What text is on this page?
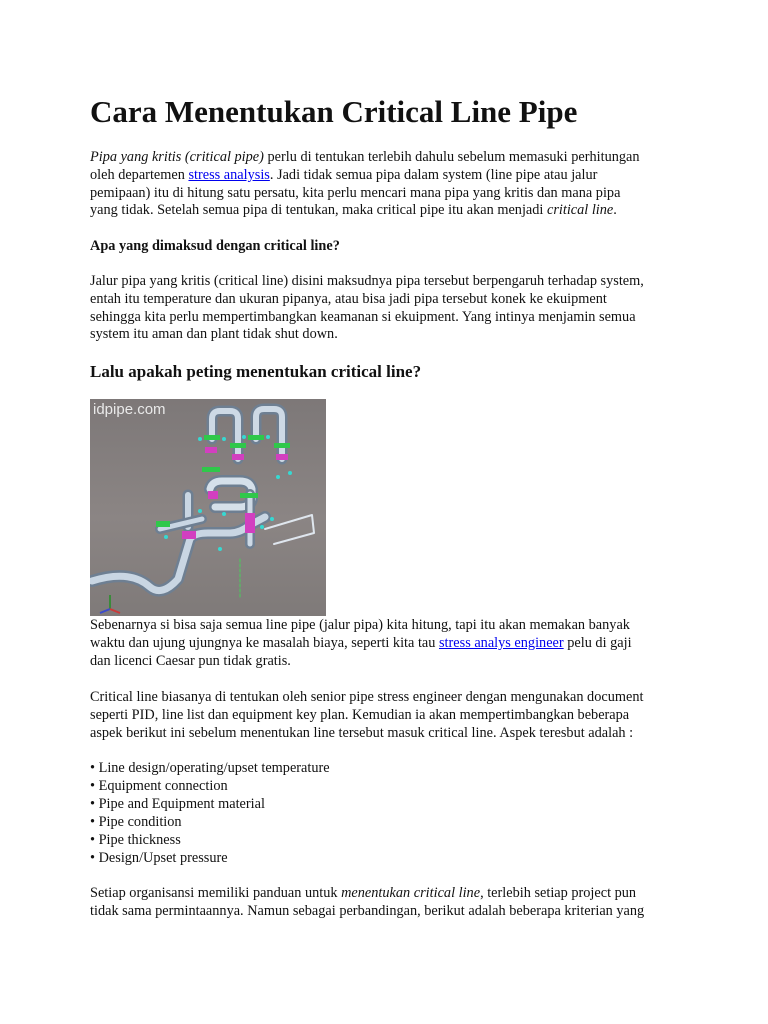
Cara Menentukan Critical Line Pipe
Pipa yang kritis (critical pipe) perlu di tentukan terlebih dahulu sebelum memasuki perhitungan
oleh departemen stress analysis. Jadi tidak semua pipa dalam system (line pipe atau jalur
pemipaan) itu di hitung satu persatu, kita perlu mencari mana pipa yang kritis dan mana pipa
yang tidak. Setelah semua pipa di tentukan, maka critical pipe itu akan menjadi critical line.
Apa yang dimaksud dengan critical line?
Jalur pipa yang kritis (critical line) disini maksudnya pipa tersebut berpengaruh terhadap system,
entah itu temperature dan ukuran pipanya, atau bisa jadi pipa tersebut konek ke ekuipment
sehingga kita perlu mempertimbangkan keamanan si ekuipment. Yang intinya menjamin semua
system itu aman dan plant tidak shut down.
Lalu apakah peting menentukan critical line?
idpipe.com
Sebenarnya si bisa saja semua line pipe (jalur pipa) kita hitung, tapi itu akan memakan banyak
waktu dan ujung ujungnya ke masalah biaya, seperti kita tau stress analys engineer pelu di gaji
dan licenci Caesar pun tidak gratis.
Critical line biasanya di tentukan oleh senior pipe stress engineer dengan mengunakan document
seperti PID, line list dan equipment key plan. Kemudian ia akan mempertimbangkan beberapa
aspek berikut ini sebelum menentukan line tersebut masuk critical line. Aspek teresbut adalah :
• Line design/operating/upset temperature
• Equipment connection
• Pipe and Equipment material
• Pipe condition
• Pipe thickness
• Design/Upset pressure
Setiap organisansi memiliki panduan untuk menentukan critical line, terlebih setiap project pun
tidak sama permintaannya. Namun sebagai perbandingan, berikut adalah beberapa kriterian yang
